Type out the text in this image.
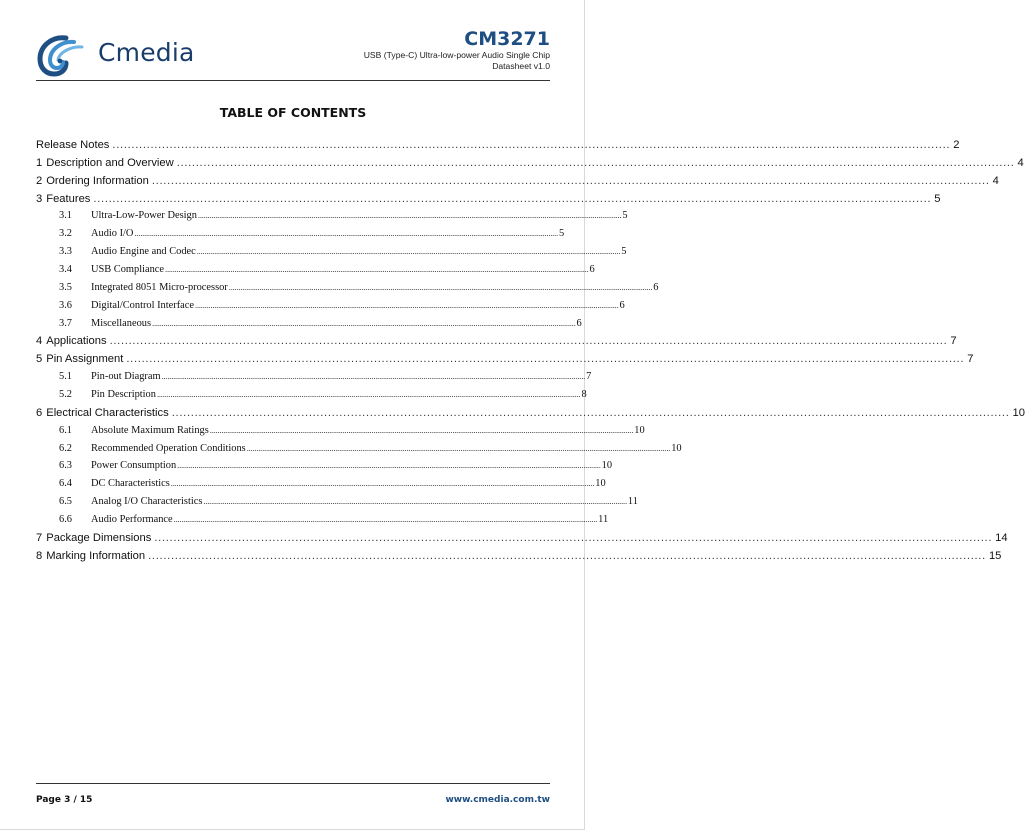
Cmedia	CM3271
USB (Type-C) Ultra-low-power Audio Single Chip
Datasheet v1.0
TABLE OF CONTENTS
Release Notes ............................................................................................................................................................................................................................ 2
1 Description and Overview ............................................................................................................................................................................................................................ 4
2 Ordering Information ............................................................................................................................................................................................................................ 4
3 Features ............................................................................................................................................................................................................................ 5
3.1	Ultra-Low-Power Design ............................................................................................................................................................................................................................ 5
3.2	Audio I/O ............................................................................................................................................................................................................................ 5
3.3	Audio Engine and Codec ............................................................................................................................................................................................................................ 5
3.4	USB Compliance ............................................................................................................................................................................................................................ 6
3.5	Integrated 8051 Micro-processor ............................................................................................................................................................................................................................ 6
3.6	Digital/Control Interface ............................................................................................................................................................................................................................ 6
3.7	Miscellaneous ............................................................................................................................................................................................................................ 6
4 Applications ............................................................................................................................................................................................................................ 7
5 Pin Assignment ............................................................................................................................................................................................................................ 7
5.1	Pin-out Diagram ............................................................................................................................................................................................................................ 7
5.2	Pin Description ............................................................................................................................................................................................................................ 8
6 Electrical Characteristics ............................................................................................................................................................................................................................ 10
6.1	Absolute Maximum Ratings ............................................................................................................................................................................................................................ 10
6.2	Recommended Operation Conditions ............................................................................................................................................................................................................................ 10
6.3	Power Consumption ............................................................................................................................................................................................................................ 10
6.4	DC Characteristics ............................................................................................................................................................................................................................ 10
6.5	Analog I/O Characteristics ............................................................................................................................................................................................................................ 11
6.6	Audio Performance ............................................................................................................................................................................................................................ 11
7 Package Dimensions ............................................................................................................................................................................................................................ 14
8 Marking Information ............................................................................................................................................................................................................................ 15
Page 3 / 15	www.cmedia.com.tw
